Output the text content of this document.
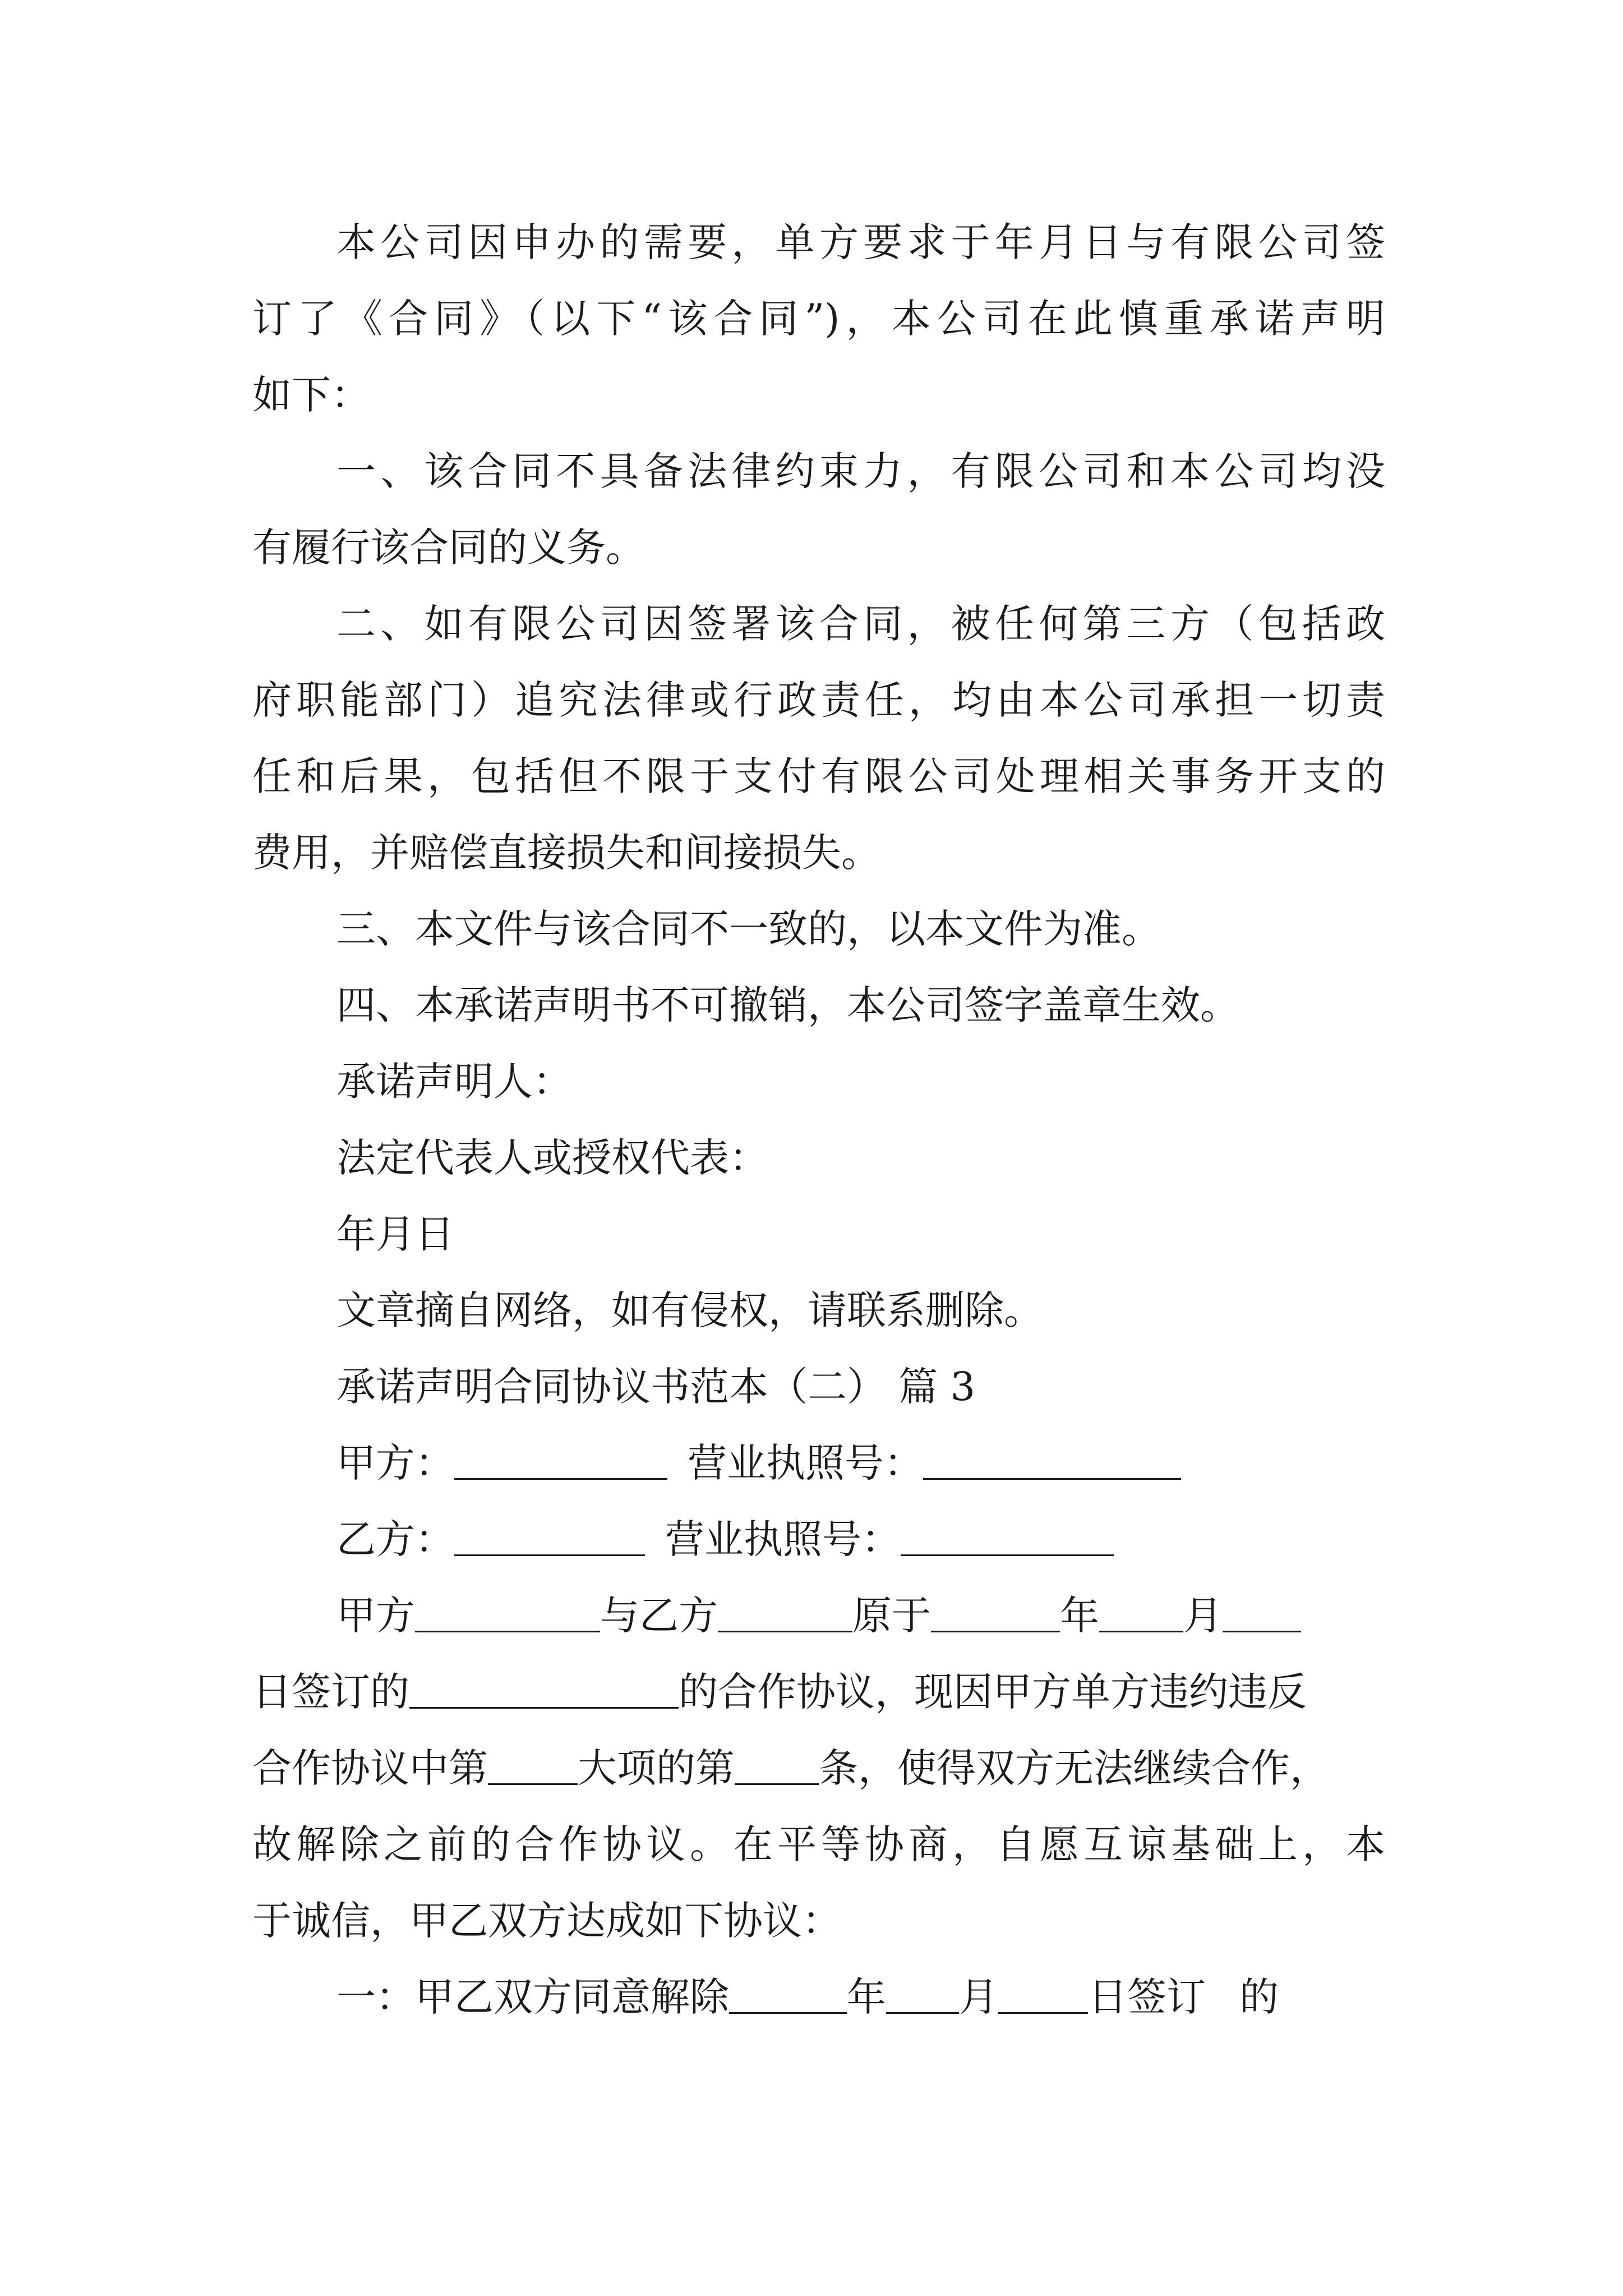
本公司因申办的需要，单方要求于年月日与有限公司签

订了《合同》（以下“该合同”)，本公司在此慎重承诺声明

如下：

一、该合同不具备法律约束力，有限公司和本公司均没

有履行该合同的义务。

二、如有限公司因签署该合同，被任何第三方（包括政

府职能部门）追究法律或行政责任，均由本公司承担一切责

任和后果，包括但不限于支付有限公司处理相关事务开支的

费用，并赔偿直接损失和间接损失。

三、本文件与该合同不一致的，以本文件为准。

四、本承诺声明书不可撤销，本公司签字盖章生效。

承诺声明人：

法定代表人或授权代表：

年月日

文章摘自网络，如有侵权，请联系删除。

承诺声明合同协议书范本（二） 篇 3

甲方：	营业执照号：
乙方：	营业执照号：
甲方	与乙方	原于	年 月
日签订的	的合作协议，现因甲方单方违约违反
合作协议中第 大项的第 条，使得双方无法继续合作，

故解除之前的合作协议。在平等协商，自愿互谅基础上，本

于诚信，甲乙双方达成如下协议：

一：甲乙双方同意解除	年 月 日签订 的
